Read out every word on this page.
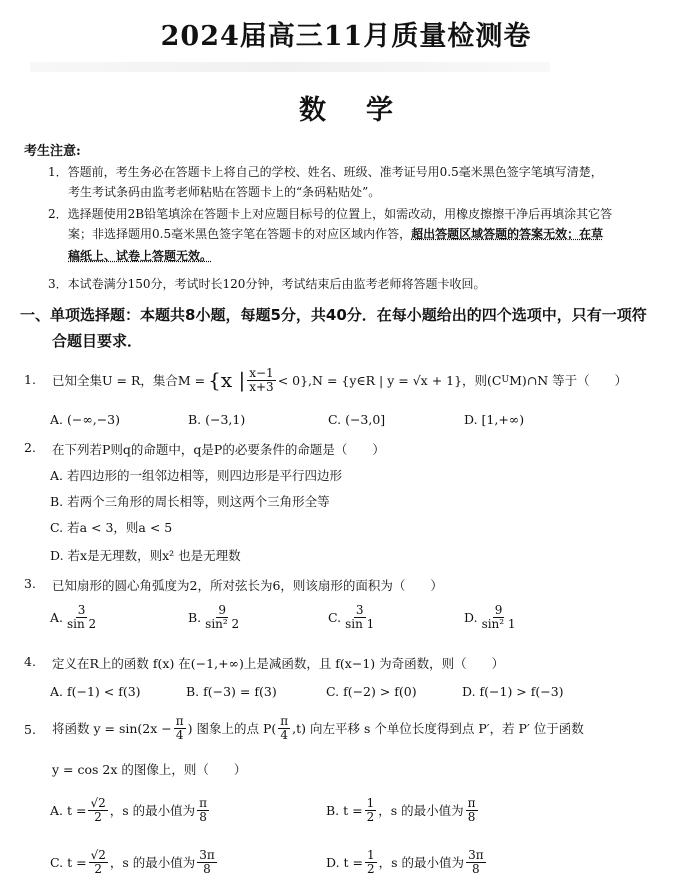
2024届高三11月质量检测卷
数学
考生注意:
1．答题前，考生务必在答题卡上将自己的学校、姓名、班级、准考证号用0.5毫米黑色签字笔填写清楚，
考生考试条码由监考老师粘贴在答题卡上的“条码粘贴处”。
2．选择题使用2B铅笔填涂在答题卡上对应题目标号的位置上，如需改动，用橡皮擦擦干净后再填涂其它答
案；非选择题用0.5毫米黑色签字笔在答题卡的对应区域内作答，超出答题区域答题的答案无效；在草
稿纸上、试卷上答题无效。
3．本试卷满分150分，考试时长120分钟，考试结束后由监考老师将答题卡收回。
一、单项选择题：本题共8小题，每题5分，共40分．在每小题给出的四个选项中，只有一项符
合题目要求．
1. 已知全集U = R，集合M = {x | $\frac{x-1}{x+3} < 0\},N$ = {y∈R | y = √x + 1}，则(C U M)∩N 等于（　　）
A. (−∞,−3)	B. (−3,1)	C. (−3,0]	D. [1,+∞)
2. 在下列若P则q的命题中，q是P的必要条件的命题是（　　）
A. 若四边形的一组邻边相等，则四边形是平行四边形
B. 若两个三角形的周长相等，则这两个三角形全等
C. 若a < 3，则a < 5
D. 若x是无理数，则x² 也是无理数
3. 已知扇形的圆心角弧度为2，所对弦长为6，则该扇形的面积为（　　）
A. $\frac{3}{\sin 2}$	B. $\frac{9}{\text{sin² 2}}$	C. $\frac{3}{\sin 1}$	D. $\frac{9}{\text{sin² 1}}$
4. 定义在R上的函数 f(x) 在(−1,+∞)上是减函数，且 f(x−1) 为奇函数，则（　　）
A. f(−1) < f(3)	B. f(−3) = f(3)	C. f(−2) > f(0)	D. f(−1) > f(−3)
5. 将函数 $y = \sin(2x - \frac{\pi}{4}$ ) 图象上的点 $P( \frac{\pi}{4} ,t)$ 向左平移 s 个单位长度得到点 P′，若 P′ 位于函数
y = cos 2x 的图像上，则（　　）
A.
$t = \frac{√2}{2}$ ，s 的最小值为 $\frac{\pi}{8}$	B.
$t = \frac{1}{2}$ ，s 的最小值为 $\frac{\pi}{8}$
C.
$t = \frac{√2}{2}$ ，s 的最小值为 $\frac{3\pi}{8}$	D.
$t = \frac{1}{2}$ ，s 的最小值为 $\frac{3\pi}{8}$
